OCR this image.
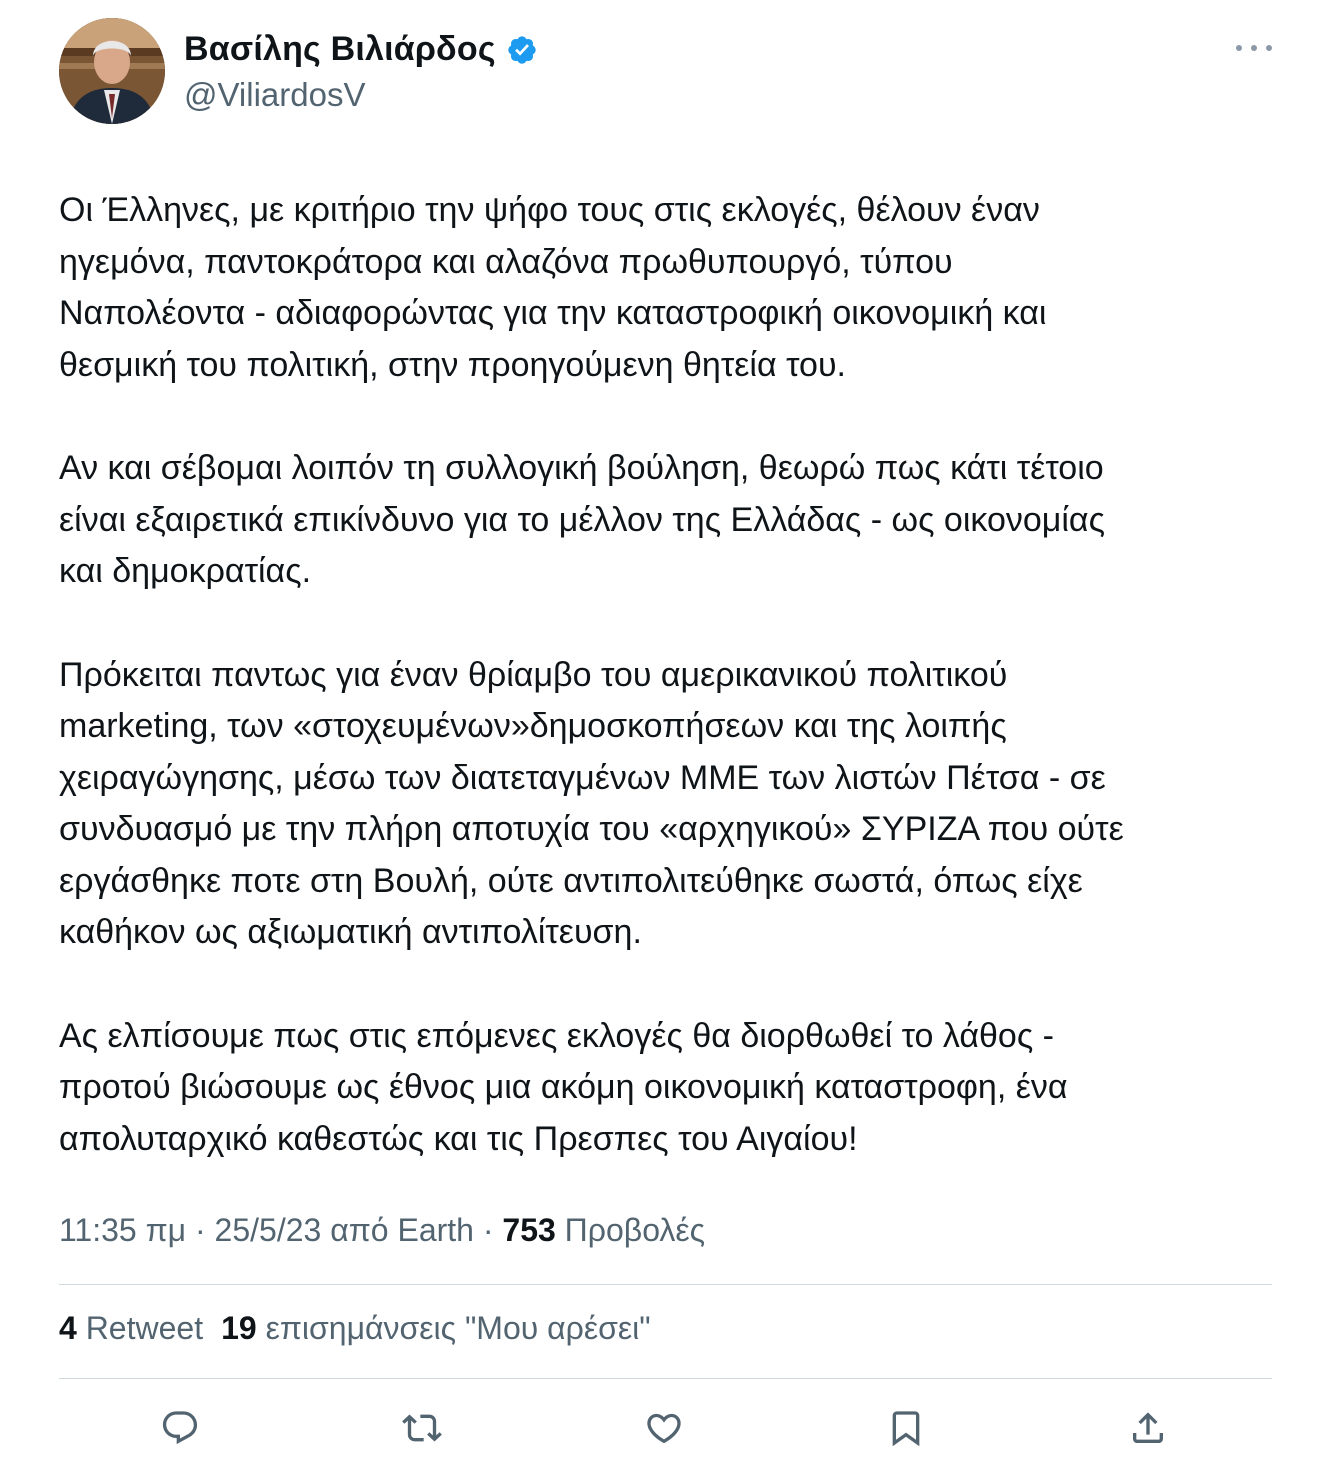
Βασίλης Βιλιάρδος
@ViliardosV

Οι Έλληνες, με κριτήριο την ψήφο τους στις εκλογές, θέλουν έναν
ηγεμόνα, παντοκράτορα και αλαζόνα πρωθυπουργό, τύπου
Ναπολέοντα - αδιαφορώντας για την καταστροφική οικονομική και
θεσμική του πολιτική, στην προηγούμενη θητεία του.

Αν και σέβομαι λοιπόν τη συλλογική βούληση, θεωρώ πως κάτι τέτοιο
είναι εξαιρετικά επικίνδυνο για το μέλλον της Ελλάδας - ως οικονομίας
και δημοκρατίας.

Πρόκειται παντως για έναν θρίαμβο του αμερικανικού πολιτικού
marketing, των «στοχευμένων»δημοσκοπήσεων και της λοιπής
χειραγώγησης, μέσω των διατεταγμένων ΜΜΕ των λιστών Πέτσα - σε
συνδυασμό με την πλήρη αποτυχία του «αρχηγικού» ΣΥΡΙΖΑ που ούτε
εργάσθηκε ποτε στη Βουλή, ούτε αντιπολιτεύθηκε σωστά, όπως είχε
καθήκον ως αξιωματική αντιπολίτευση.

Ας ελπίσουμε πως στις επόμενες εκλογές θα διορθωθεί το λάθος -
προτού βιώσουμε ως έθνος μια ακόμη οικονομική καταστροφη, ένα
απολυταρχικό καθεστώς και τις Πρεσπες του Αιγαίου!

11:35 πμ · 25/5/23 από Earth · 753 Προβολές
4 Retweet 19 επισημάνσεις "Μου αρέσει"
